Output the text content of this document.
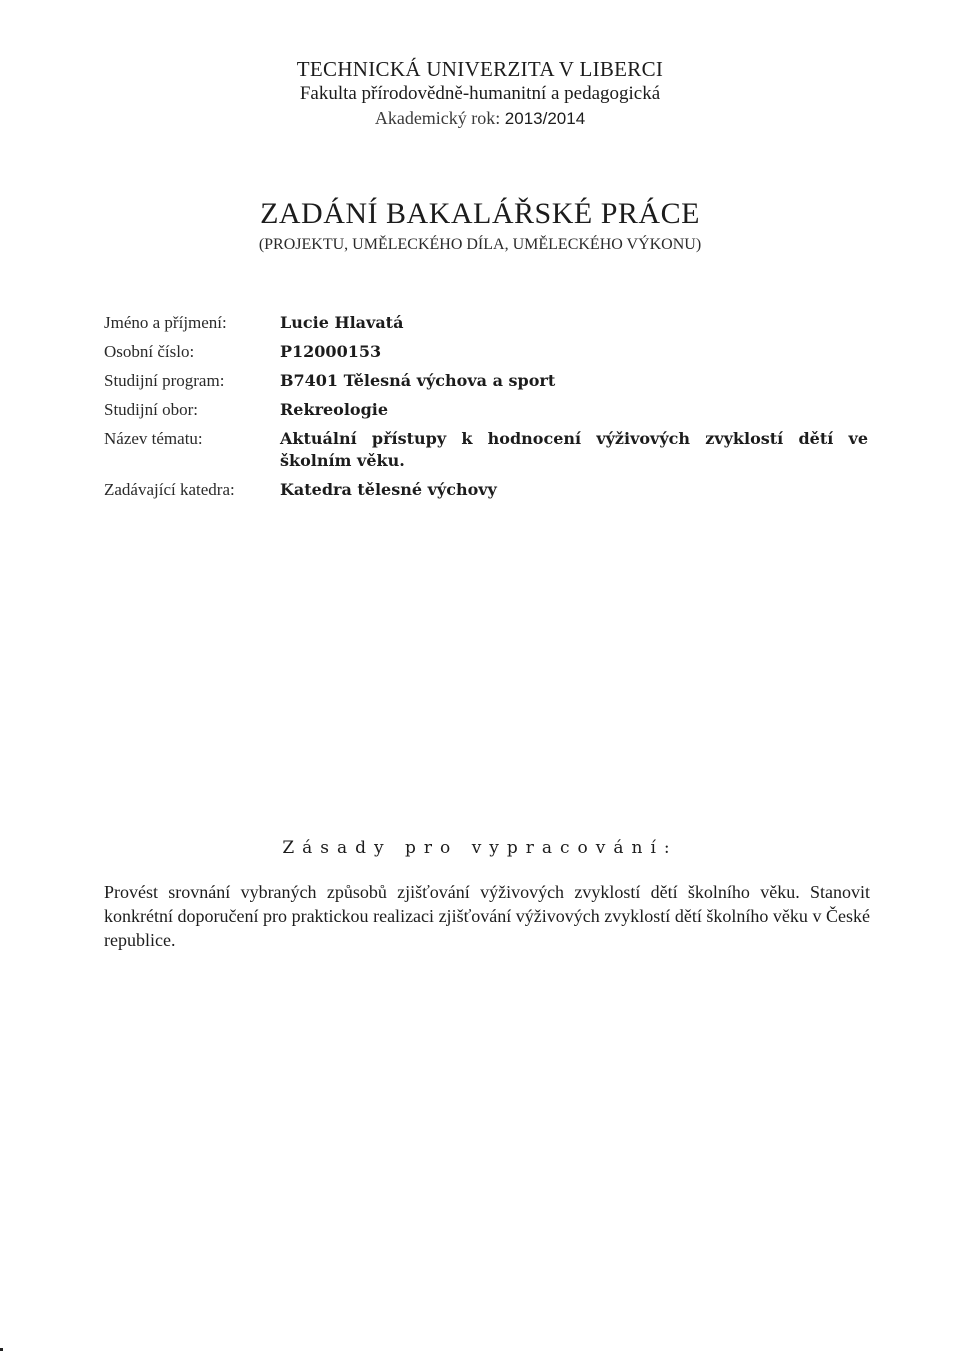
TECHNICKÁ UNIVERZITA V LIBERCI
Fakulta přírodovědně-humanitní a pedagogická
Akademický rok: 2013/2014
ZADÁNÍ BAKALÁŘSKÉ PRÁCE
(PROJEKTU, UMĚLECKÉHO DÍLA, UMĚLECKÉHO VÝKONU)
Jméno a příjmení:	Lucie Hlavatá
Osobní číslo:	P12000153
Studijní program:	B7401 Tělesná výchova a sport
Studijní obor:	Rekreologie
Název tématu:	Aktuální přístupy k hodnocení výživových zvyklostí dětí ve školním věku.
Zadávající katedra:	Katedra tělesné výchovy
Zásady pro vypracování:
Provést srovnání vybraných způsobů zjišťování výživových zvyklostí dětí školního věku. Stanovit konkrétní doporučení pro praktickou realizaci zjišťování výživových zvyklostí dětí školního věku v České republice.
